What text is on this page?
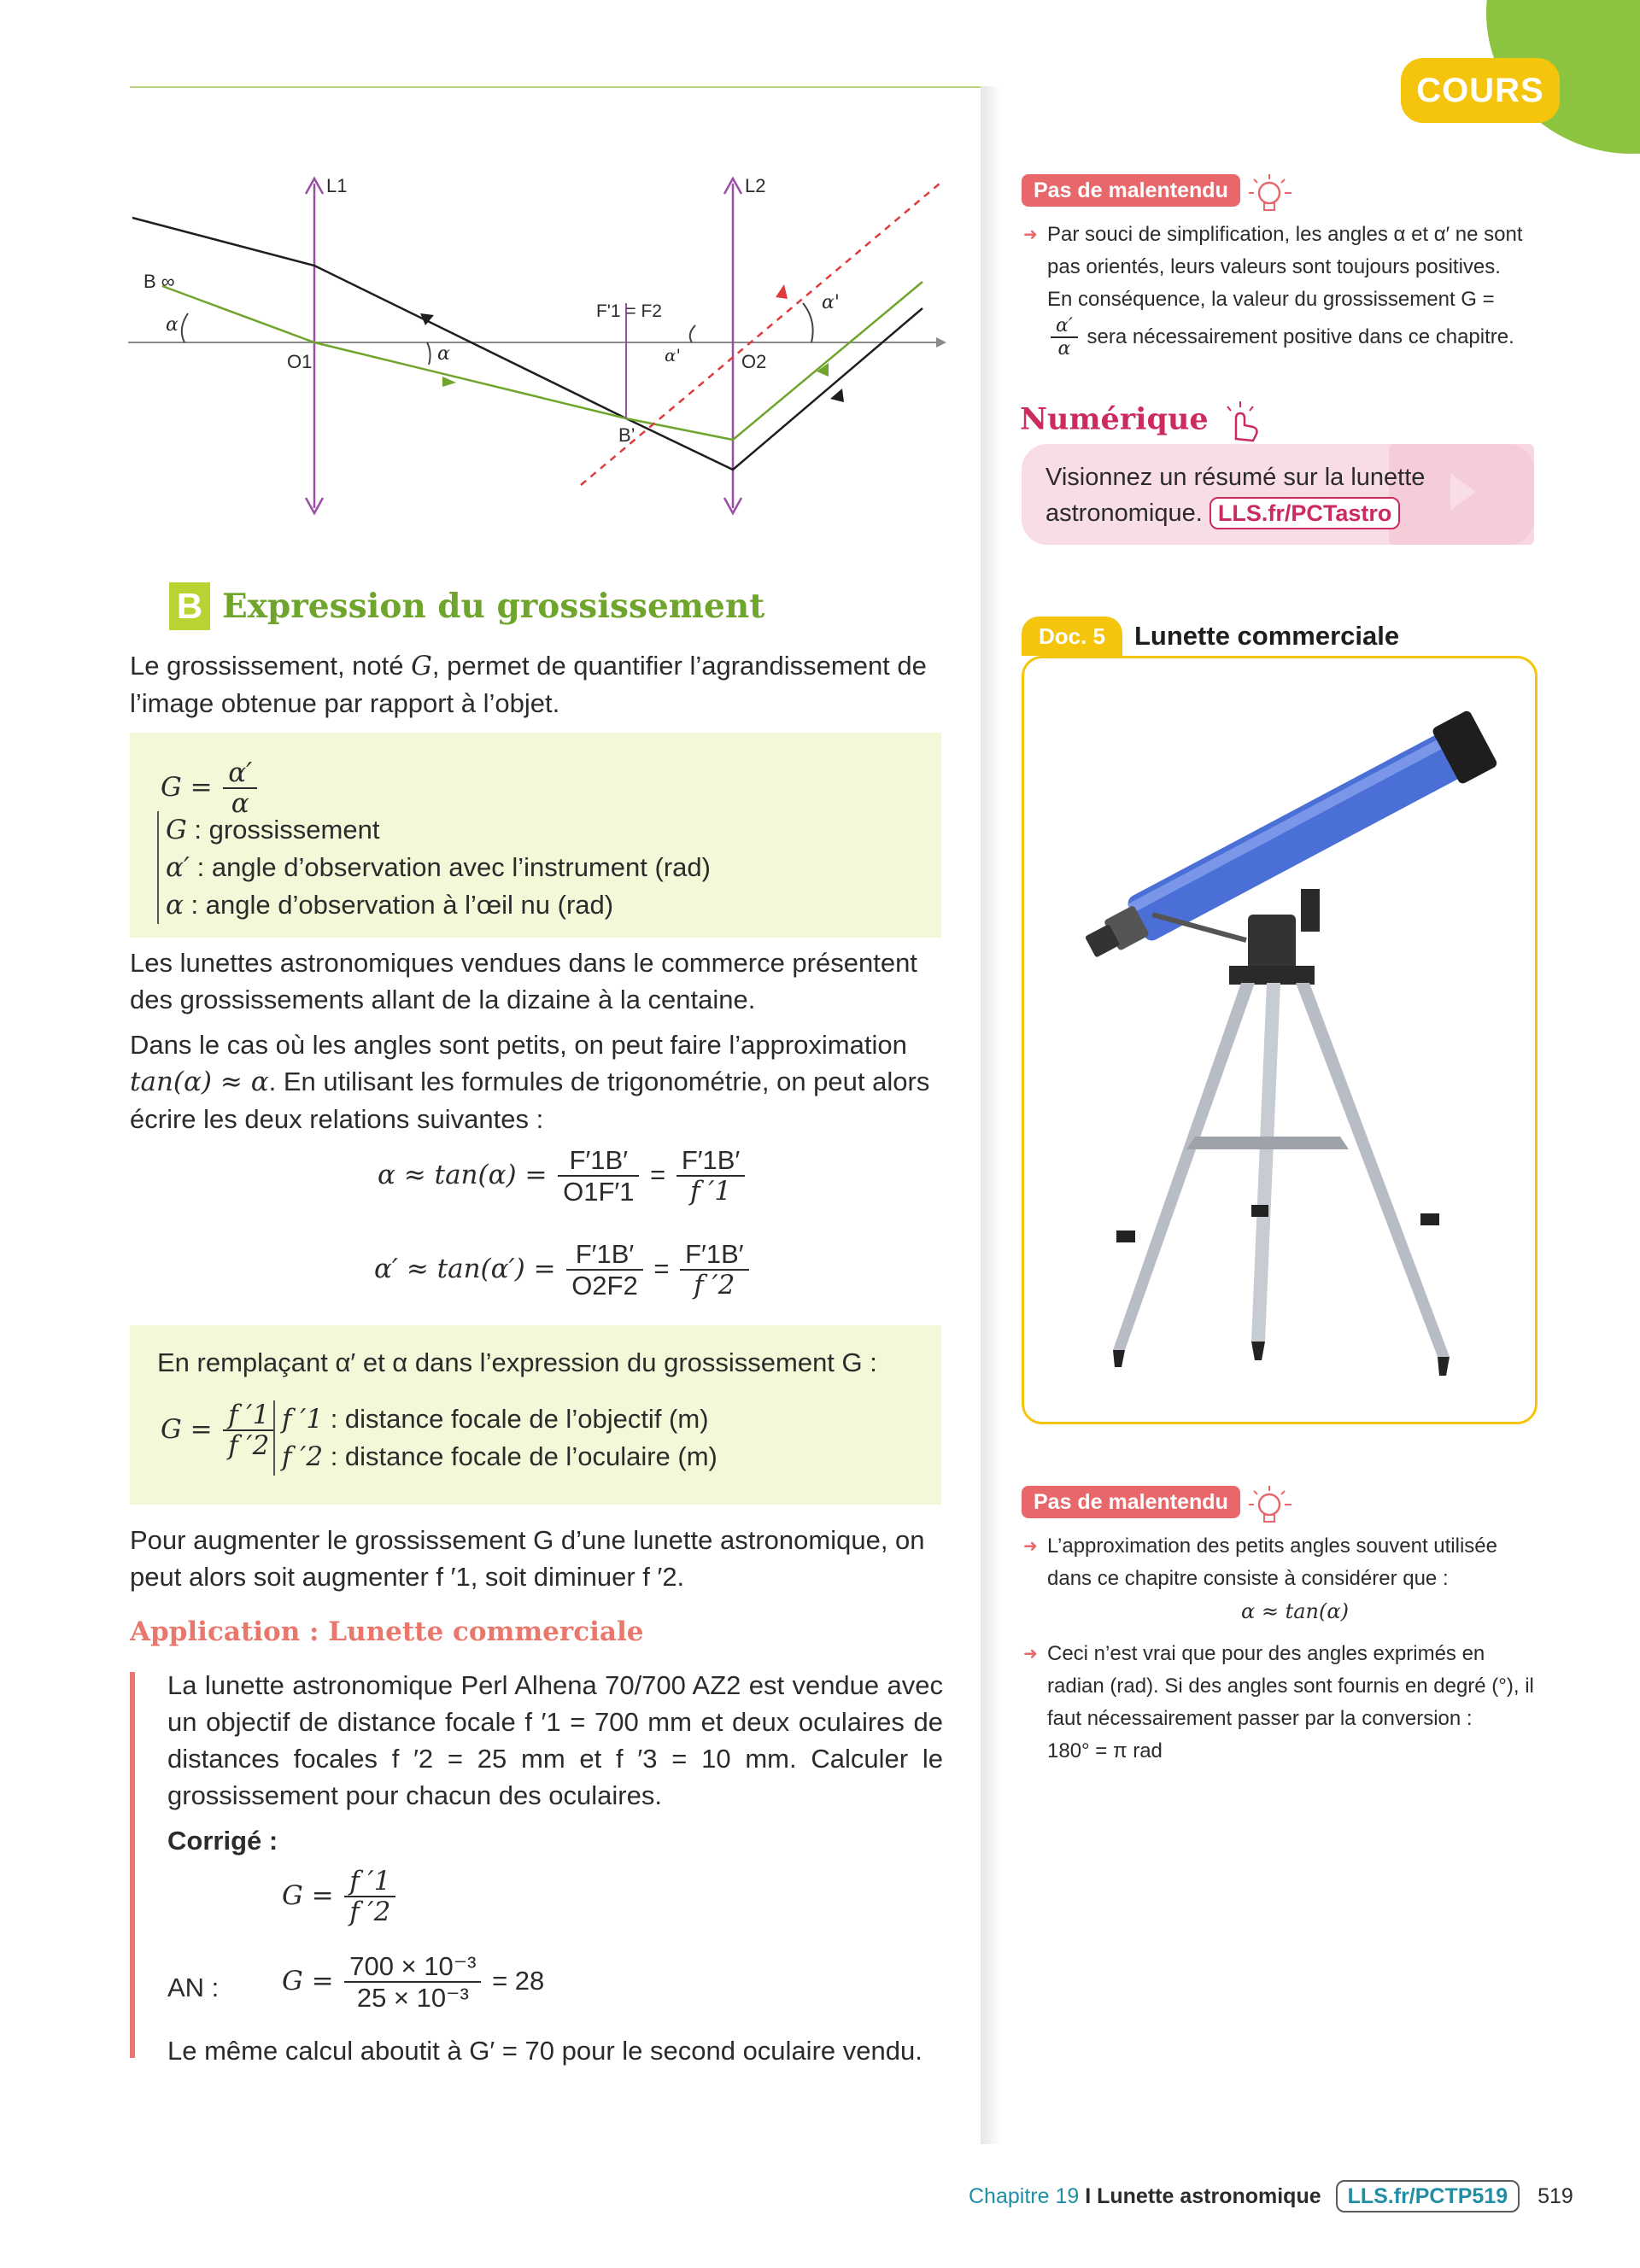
COURS
L1	L2
B ∞
α
O1	α
F'1 = F2
α'	O2
α'
B’
B Expression du grossissement
Le grossissement, noté G, permet de quantifier l’agrandissement de l’image obtenue par rapport à l’objet.
$G = \frac{\alpha'}{\alpha}$
G : grossissement
α′ : angle d’observation avec l’instrument (rad)
α : angle d’observation à l’œil nu (rad)
Les lunettes astronomiques vendues dans le commerce présentent des grossissements allant de la dizaine à la centaine.
Dans le cas où les angles sont petits, on peut faire l’approximation tan(α) ≈ α. En utilisant les formules de trigonométrie, on peut alors écrire les deux relations suivantes :
$\alpha \approx \tan(\alpha) = \frac{F'1B'}{O1F'1} = \frac{F'1B'}{f '1}$
$\alpha' \approx \tan(\alpha') = \frac{F'1B'}{O2F2} = \frac{F'1B'}{f '2}$
En remplaçant α′ et α dans l’expression du grossissement G :
$G = \frac{f '1}{f '2}$ f ′1 : distance focale de l’objectif (m)
f ′2 : distance focale de l’oculaire (m)
Pour augmenter le grossissement G d’une lunette astronomique, on peut alors soit augmenter f ′1, soit diminuer f ′2.
Application : Lunette commerciale
La lunette astronomique Perl Alhena 70/700 AZ2 est vendue avec un objectif de distance focale f ′1 = 700 mm et deux oculaires de distances focales f ′2 = 25 mm et f ′3 = 10 mm. Calculer le grossissement pour chacun des oculaires.
Corrigé :
$G = \frac{f '1}{f '2}$
AN : $G = \frac{\text{700 × 10⁻³}}{\text{25 × 10⁻³}} = 28$
Le même calcul aboutit à G′ = 70 pour le second oculaire vendu.
Pas de malentendu
➜ Par souci de simplification, les angles α et α′ ne sont pas orientés, leurs valeurs sont toujours positives. En conséquence, la valeur du grossissement G =
$\frac{\alpha'}{\alpha}$ sera nécessairement positive dans ce chapitre.
Numérique
Visionnez un résumé sur la lunette astronomique. LLS.fr/PCTastro
Doc. 5	Lunette commerciale
Pas de malentendu
➜ L’approximation des petits angles souvent utilisée dans ce chapitre consiste à considérer que :
α ≈ tan(α)
➜ Ceci n’est vrai que pour des angles exprimés en radian (rad). Si des angles sont fournis en degré (°), il faut nécessairement passer par la conversion :
180° = π rad
Chapitre 19 I Lunette astronomique LLS.fr/PCTP519 519
